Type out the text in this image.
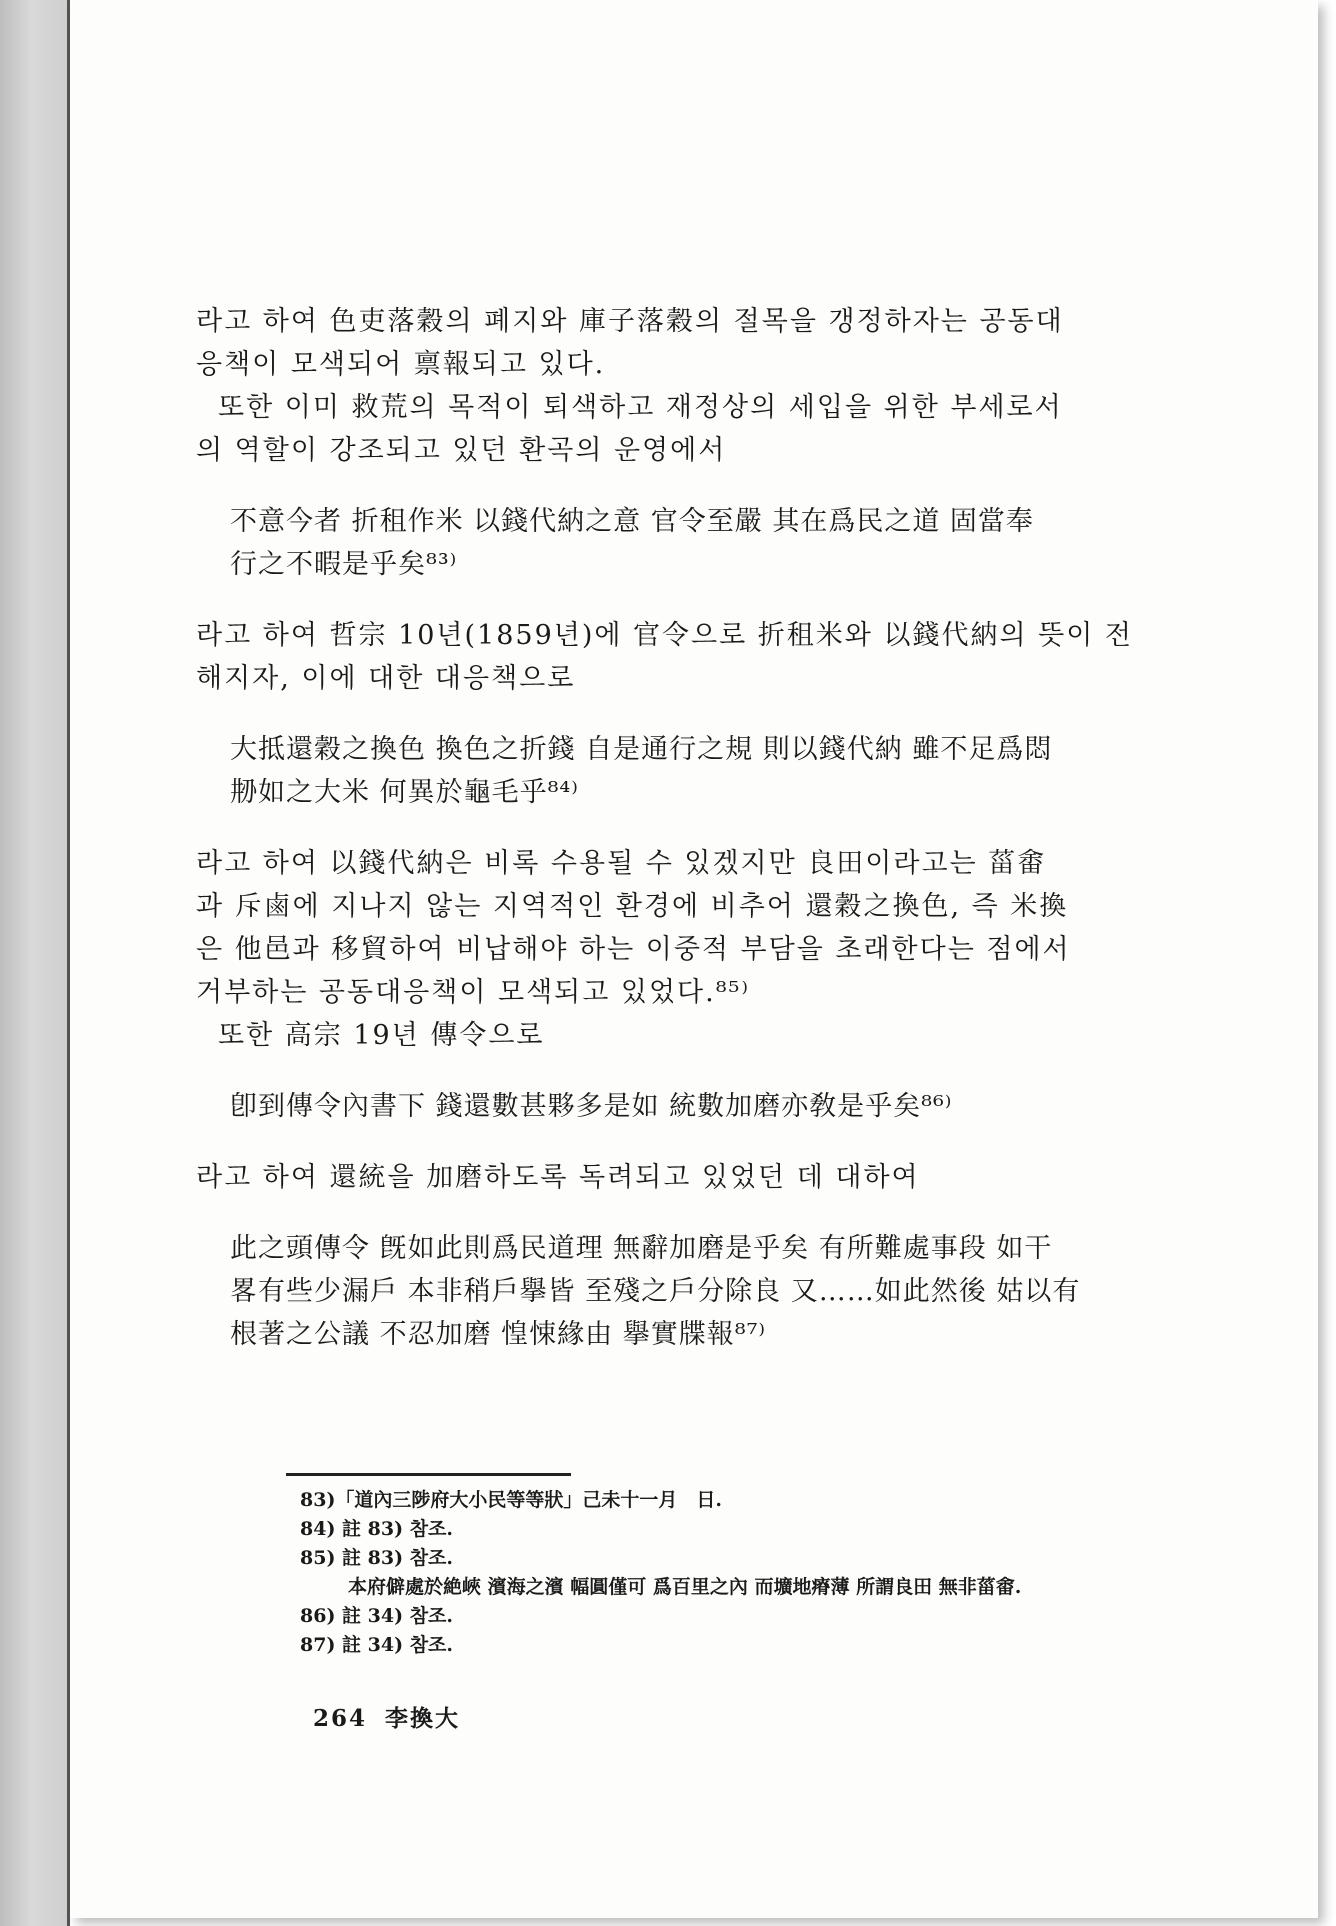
라고 하여 色吏落穀의 폐지와 庫子落穀의 절목을 갱정하자는 공동대
응책이 모색되어 禀報되고 있다.

또한 이미 救荒의 목적이 퇴색하고 재정상의 세입을 위한 부세로서
의 역할이 강조되고 있던 환곡의 운영에서

不意今者 折租作米 以錢代納之意 官令至嚴 其在爲民之道 固當奉
行之不暇是乎矣⁸³⁾

라고 하여 哲宗 10년(1859년)에 官令으로 折租米와 以錢代納의 뜻이 전
해지자, 이에 대한 대응책으로

大抵還穀之換色 換色之折錢 自是通行之規 則以錢代納 雖不足爲悶
刱如之大米 何異於龜毛乎⁸⁴⁾

라고 하여 以錢代納은 비록 수용될 수 있겠지만 良田이라고는 菑畬
과 斥鹵에 지나지 않는 지역적인 환경에 비추어 還穀之換色, 즉 米換
은 他邑과 移貿하여 비납해야 하는 이중적 부담을 초래한다는 점에서
거부하는 공동대응책이 모색되고 있었다.⁸⁵⁾

또한 高宗 19년 傳令으로

卽到傳令內書下 錢還數甚夥多是如 統數加磨亦敎是乎矣⁸⁶⁾

라고 하여 還統을 加磨하도록 독려되고 있었던 데 대하여

此之頭傳令 旣如此則爲民道理 無辭加磨是乎矣 有所難處事段 如干
畧有些少漏戶 本非稍戶擧皆 至殘之戶分除良 又……如此然後 姑以有
根著之公議 不忍加磨 惶悚緣由 擧實牒報⁸⁷⁾

83)「道內三陟府大小民等等狀」己未十一月　日.

84) 註 83) 참조.

85) 註 83) 참조.

本府僻處於絶峽 濱海之濱 幅圓僅可 爲百里之內 而壙地瘠薄 所謂良田 無非菑畬.

86) 註 34) 참조.

87) 註 34) 참조.

264 李換大
